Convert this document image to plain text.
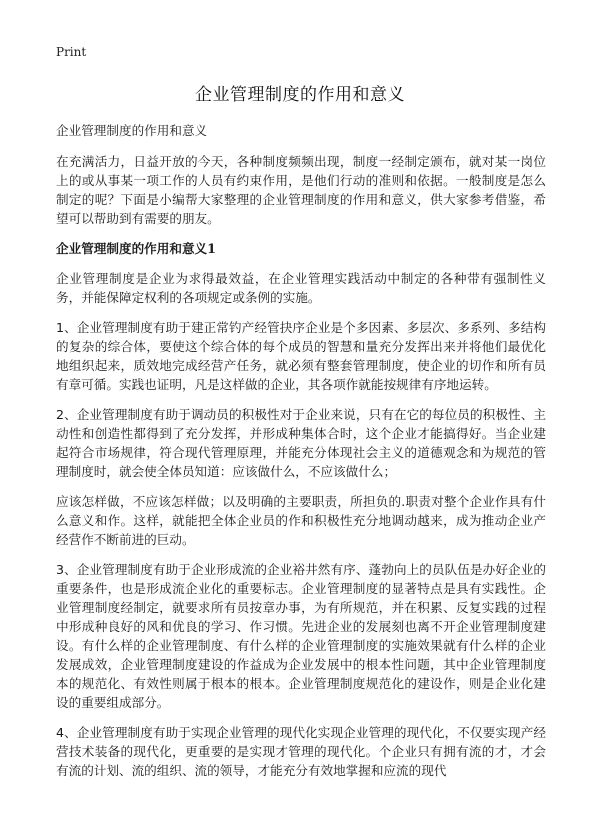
Print
企业管理制度的作用和意义

企业管理制度的作用和意义

在充满活力，日益开放的今天，各种制度频频出现，制度一经制定颁布，就对某一岗位上的或从事某一项工作的人员有约束作用，是他们行动的准则和依据。一般制度是怎么制定的呢？下面是小编帮大家整理的企业管理制度的作用和意义，供大家参考借鉴，希望可以帮助到有需要的朋友。

企业管理制度的作用和意义1

企业管理制度是企业为求得最效益，在企业管理实践活动中制定的各种带有强制性义务，并能保障定权利的各项规定或条例的实施。

1、企业管理制度有助于建正常钓产经管抉序企业是个多因素、多层次、多系列、多结构的复杂的综合体，要使这个综合体的每个成员的智慧和量充分发挥出来并将他们最优化地组织起来，质效地完成经营产任务，就必须有整套管理制度，使企业的切作和所有员有章可循。实践也证明，凡是这样做的企业，其各项作就能按规律有序地运转。

2、企业管理制度有助于调动员的积极性对于企业来说，只有在它的每位员的积极性、主动性和创造性都得到了充分发挥，并形成种集体合时，这个企业才能搞得好。当企业建起符合市场规律，符合现代管理原理，并能充分体现社会主义的道德观念和为规范的管理制度时，就会使全体员知道：应该做什么，不应该做什么；

应该怎样做，不应该怎样做；以及明确的主要职责，所担负的.职责对整个企业作具有什么意义和作。这样，就能把全体企业员的作和积极性充分地调动越来，成为推动企业产经营作不断前进的巨动。

3、企业管理制度有助于企业形成流的企业裕井然有序、蓬勃向上的员队伍是办好企业的重要条件，也是形成流企业化的重要标志。企业管理制度的显著特点是具有实践性。企业管理制度经制定，就要求所有员按章办事，为有所规范，并在积累、反复实践的过程中形成种良好的风和优良的学习、作习惯。先进企业的发展刻也离不开企业管理制度建设。有什么样的企业管理制度、有什么样的企业管理制度的实施效果就有什么样的企业发展成效，企业管理制度建设的作益成为企业发展中的根本性问题，其中企业管理制度本的规范化、有效性则属于根本的根本。企业管理制度规范化的建设作，则是企业化建设的重要组成部分。

4、企业管理制度有助于实现企业管理的现代化实现企业管理的现代化，不仅要实现产经营技术装备的现代化，更重要的是实现才管理的现代化。个企业只有拥有流的才，才会有流的计划、流的组织、流的领导，才能充分有效地掌握和应流的现代
